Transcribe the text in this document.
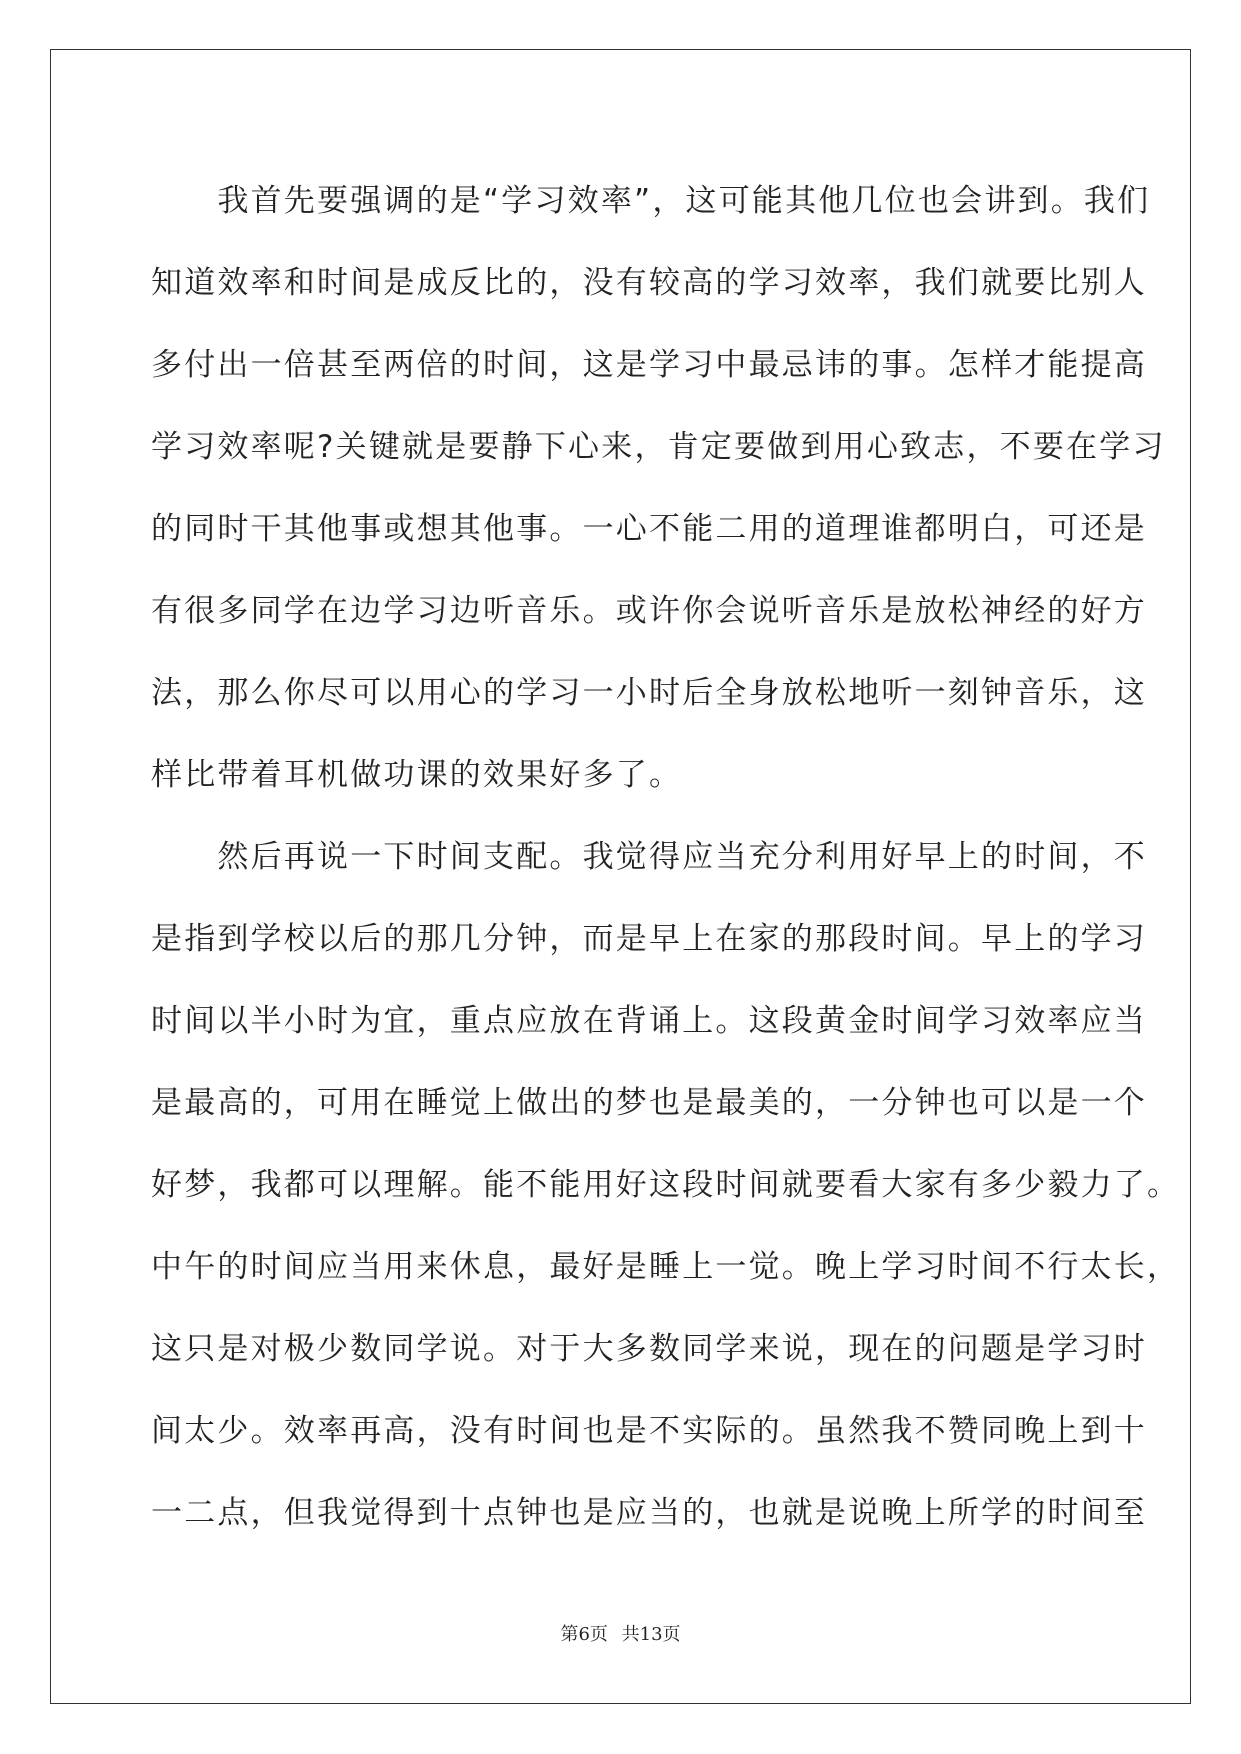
　　我首先要强调的是“学习效率”，这可能其他几位也会讲到。我们
知道效率和时间是成反比的，没有较高的学习效率，我们就要比别人
多付出一倍甚至两倍的时间，这是学习中最忌讳的事。怎样才能提高
学习效率呢?关键就是要静下心来，肯定要做到用心致志，不要在学习
的同时干其他事或想其他事。一心不能二用的道理谁都明白，可还是
有很多同学在边学习边听音乐。或许你会说听音乐是放松神经的好方
法，那么你尽可以用心的学习一小时后全身放松地听一刻钟音乐，这
样比带着耳机做功课的效果好多了。
　　然后再说一下时间支配。我觉得应当充分利用好早上的时间，不
是指到学校以后的那几分钟，而是早上在家的那段时间。早上的学习
时间以半小时为宜，重点应放在背诵上。这段黄金时间学习效率应当
是最高的，可用在睡觉上做出的梦也是最美的，一分钟也可以是一个
好梦，我都可以理解。能不能用好这段时间就要看大家有多少毅力了。
中午的时间应当用来休息，最好是睡上一觉。晚上学习时间不行太长，
这只是对极少数同学说。对于大多数同学来说，现在的问题是学习时
间太少。效率再高，没有时间也是不实际的。虽然我不赞同晚上到十
一二点，但我觉得到十点钟也是应当的，也就是说晚上所学的时间至
第6页 共13页
